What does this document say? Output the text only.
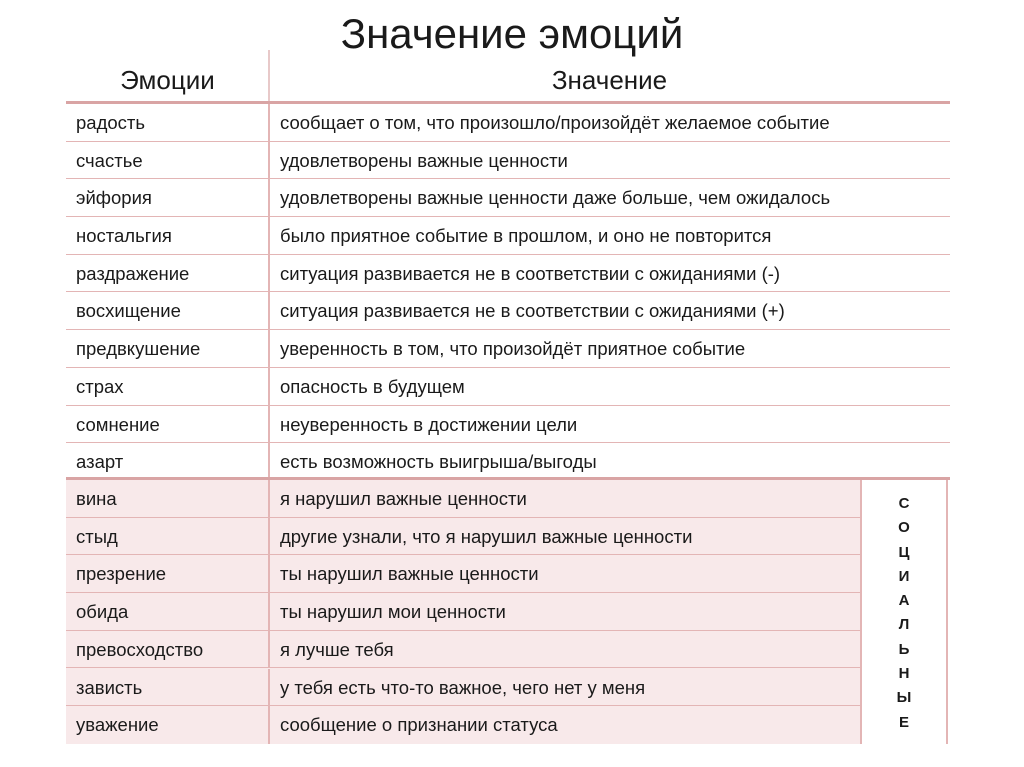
Значение эмоций
Эмоции	Значение
радость	сообщает о том, что произошло/произойдёт желаемое событие
счастье	удовлетворены важные ценности
эйфория	удовлетворены важные ценности даже больше, чем ожидалось
ностальгия	было приятное событие в прошлом, и оно не повторится
раздражение	ситуация развивается не в соответствии с ожиданиями (-)
восхищение	ситуация развивается не в соответствии с ожиданиями (+)
предвкушение	уверенность в том, что произойдёт приятное событие
страх	опасность в будущем
сомнение	неуверенность в достижении цели
азарт	есть возможность выигрыша/выгоды
вина	я нарушил важные ценности
стыд	другие узнали, что я нарушил важные ценности
презрение	ты нарушил важные ценности
обида	ты нарушил мои ценности
превосходство	я лучше тебя
зависть	у тебя есть что-то важное, чего нет у меня
уважение	сообщение о признании статуса
С
О
Ц
И
А
Л
Ь
Н
Ы
Е
